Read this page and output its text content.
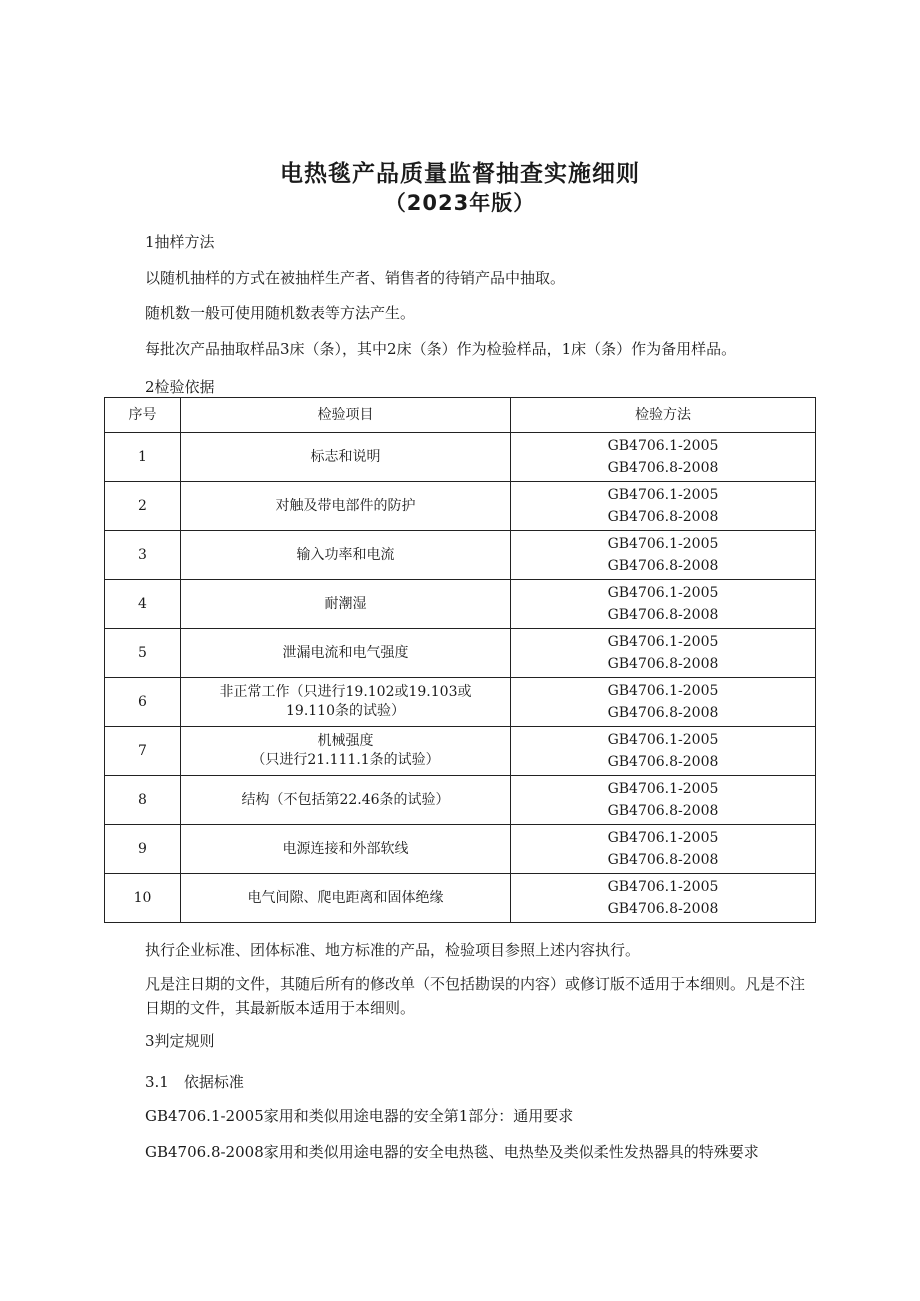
电热毯产品质量监督抽查实施细则
（2023年版）
1抽样方法
以随机抽样的方式在被抽样生产者、销售者的待销产品中抽取。
随机数一般可使用随机数表等方法产生。
每批次产品抽取样品3床（条），其中2床（条）作为检验样品，1床（条）作为备用样品。
2检验依据
序号	检验项目	检验方法
1	标志和说明	GB4706.1-2005
GB4706.8-2008

2	对触及带电部件的防护	GB4706.1-2005
GB4706.8-2008

3	输入功率和电流	GB4706.1-2005
GB4706.8-2008

4	耐潮湿	GB4706.1-2005
GB4706.8-2008

5	泄漏电流和电气强度	GB4706.1-2005
GB4706.8-2008

6	非正常工作（只进行19.102或19.103或
19.110条的试验）	GB4706.1-2005
GB4706.8-2008

7	机械强度
（只进行21.111.1条的试验）	GB4706.1-2005
GB4706.8-2008

8	结构（不包括第22.46条的试验）	GB4706.1-2005
GB4706.8-2008

9	电源连接和外部软线	GB4706.1-2005
GB4706.8-2008

10	电气间隙、爬电距离和固体绝缘	GB4706.1-2005
GB4706.8-2008
执行企业标准、团体标准、地方标准的产品，检验项目参照上述内容执行。
凡是注日期的文件，其随后所有的修改单（不包括勘误的内容）或修订版不适用于本细则。凡是不注日期的文件，其最新版本适用于本细则。
3判定规则
3.1　依据标准
GB4706.1-2005家用和类似用途电器的安全第1部分：通用要求
GB4706.8-2008家用和类似用途电器的安全电热毯、电热垫及类似柔性发热器具的特殊要求
